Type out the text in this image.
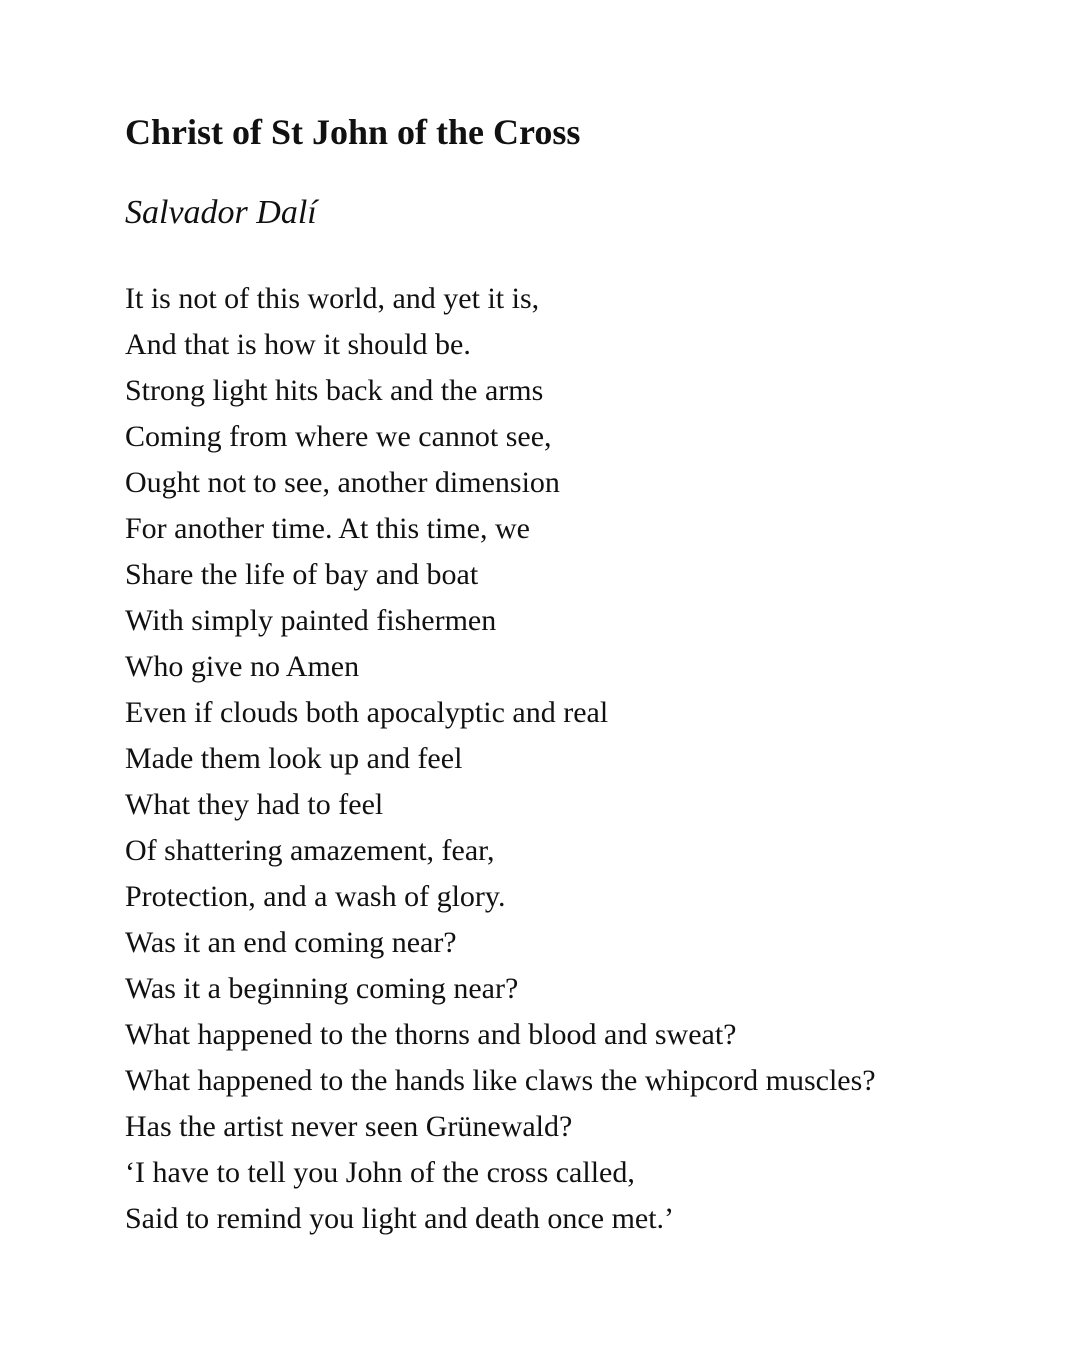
Christ of St John of the Cross
Salvador Dalí
It is not of this world, and yet it is,
And that is how it should be.
Strong light hits back and the arms
Coming from where we cannot see,
Ought not to see, another dimension
For another time. At this time, we
Share the life of bay and boat
With simply painted fishermen
Who give no Amen
Even if clouds both apocalyptic and real
Made them look up and feel
What they had to feel
Of shattering amazement, fear,
Protection, and a wash of glory.
Was it an end coming near?
Was it a beginning coming near?
What happened to the thorns and blood and sweat?
What happened to the hands like claws the whipcord muscles?
Has the artist never seen Grünewald?
‘I have to tell you John of the cross called,
Said to remind you light and death once met.’
